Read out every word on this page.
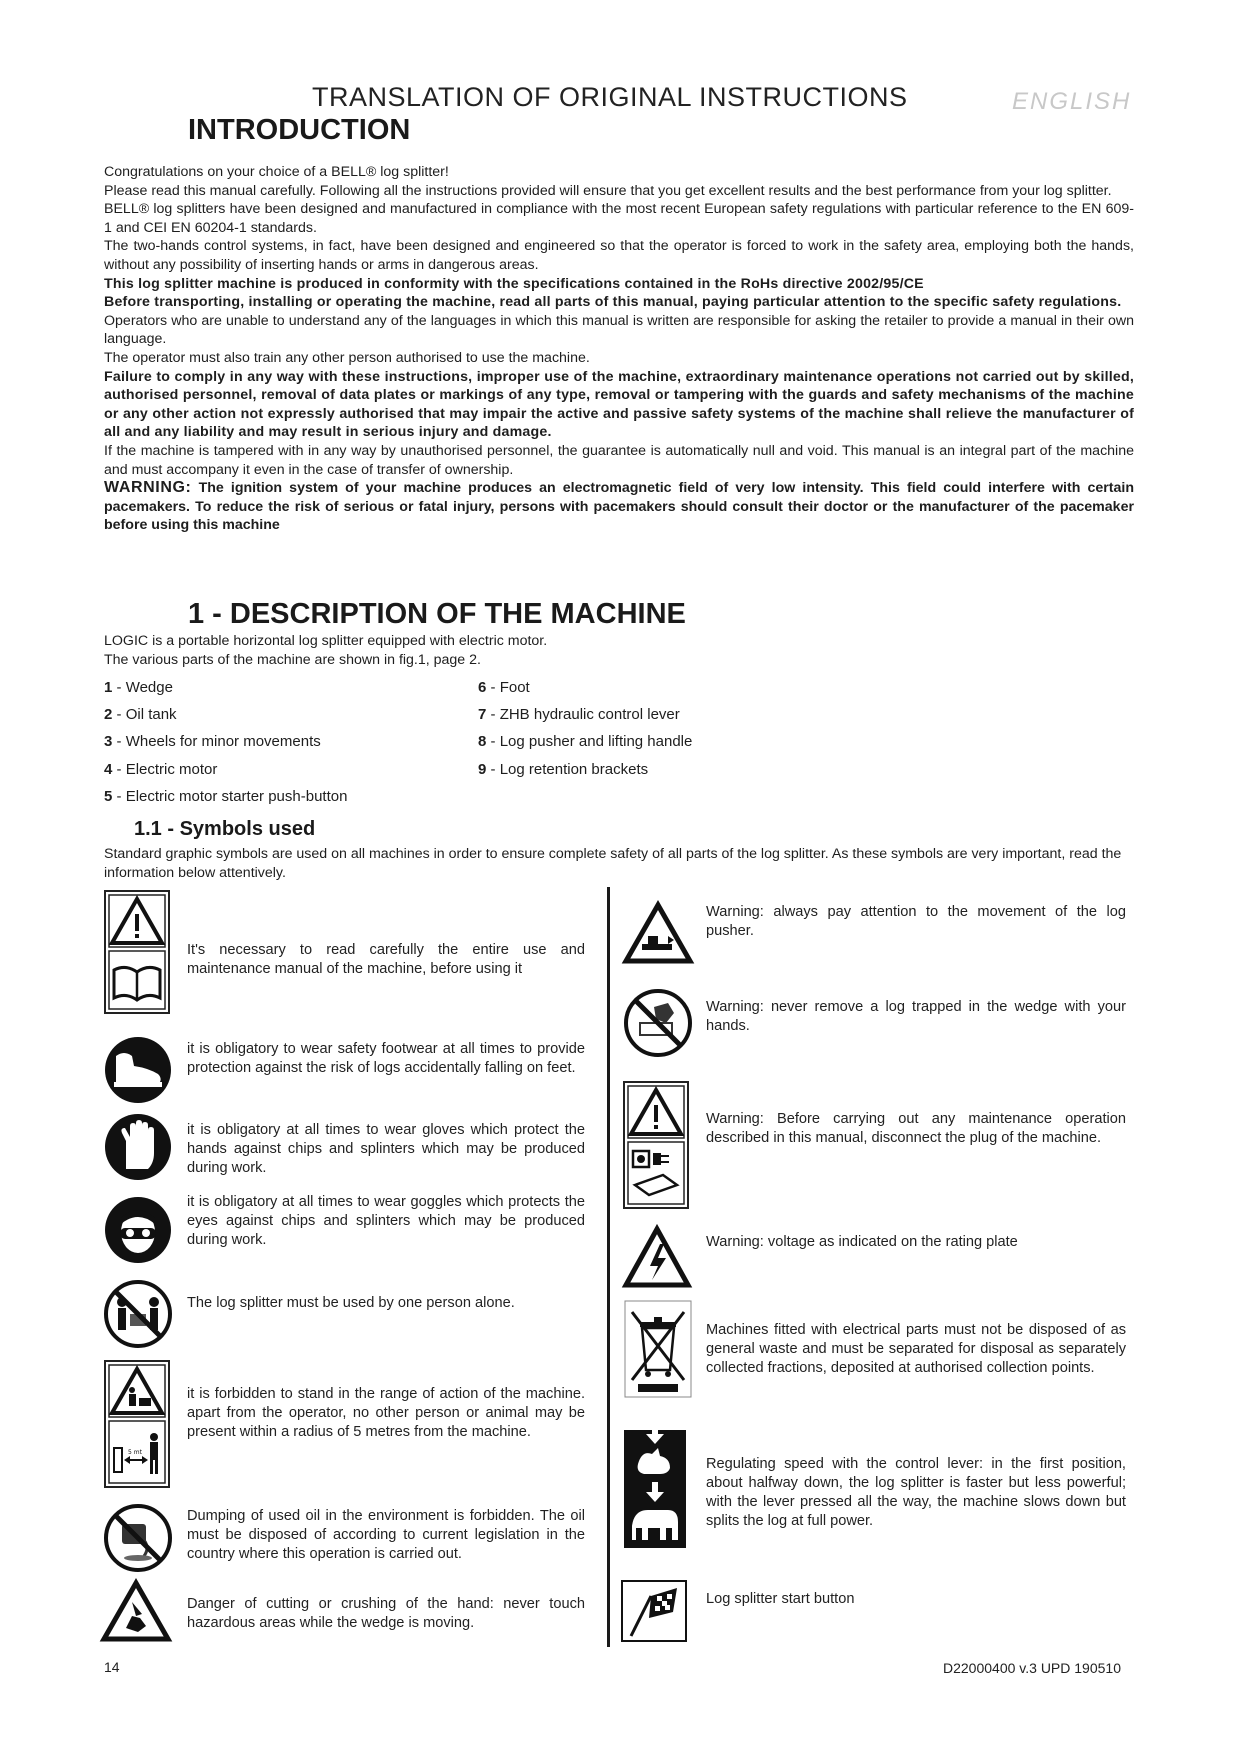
TRANSLATION OF ORIGINAL INSTRUCTIONS	ENGLISH
INTRODUCTION

Congratulations on your choice of a BELL® log splitter!

Please read this manual carefully. Following all the instructions provided will ensure that you get excellent results and the best performance from your log splitter.

BELL® log splitters have been designed and manufactured in compliance with the most recent European safety regulations with particular reference to the EN 609-1 and CEI EN 60204-1 standards.

The two-hands control systems, in fact, have been designed and engineered so that the operator is forced to work in the safety area, employing both the hands, without any possibility of inserting hands or arms in dangerous areas.

This log splitter machine is produced in conformity with the specifications contained in the RoHs directive 2002/95/CE

Before transporting, installing or operating the machine, read all parts of this manual, paying particular attention to the specific safety regulations.

Operators who are unable to understand any of the languages in which this manual is written are responsible for asking the retailer to provide a manual in their own language.

The operator must also train any other person authorised to use the machine.

Failure to comply in any way with these instructions, improper use of the machine, extraordinary maintenance operations not carried out by skilled, authorised personnel, removal of data plates or markings of any type, removal or tampering with the guards and safety mechanisms of the machine or any other action not expressly authorised that may impair the active and passive safety systems of the machine shall relieve the manufacturer of all and any liability and may result in serious injury and damage.

If the machine is tampered with in any way by unauthorised personnel, the guarantee is automatically null and void. This manual is an integral part of the machine and must accompany it even in the case of transfer of ownership.

WARNING: The ignition system of your machine produces an electromagnetic field of very low intensity. This field could interfere with certain pacemakers. To reduce the risk of serious or fatal injury, persons with pacemakers should consult their doctor or the manufacturer of the pacemaker before using this machine

1 - DESCRIPTION OF THE MACHINE

LOGIC is a portable horizontal log splitter equipped with electric motor.

The various parts of the machine are shown in fig.1, page 2.

1 - Wedge
2 - Oil tank
3 - Wheels for minor movements
4 - Electric motor
5 - Electric motor starter push-button
6 - Foot
7 - ZHB hydraulic control lever
8 - Log pusher and lifting handle
9 - Log retention brackets
1.1 - Symbols used

Standard graphic symbols are used on all machines in order to ensure complete safety of all parts of the log splitter. As these symbols are very important, read the information below attentively.

5 mt
It's necessary to read carefully the entire use and maintenance manual of the machine, before using it
it is obligatory to wear safety footwear at all times to provide protection against the risk of logs accidentally falling on feet.
it is obligatory at all times to wear gloves which protect the hands against chips and splinters which may be produced during work.
it is obligatory at all times to wear goggles which protects the eyes against chips and splinters which may be produced during work.
The log splitter must be used by one person alone.
it is forbidden to stand in the range of action of the machine. apart from the operator, no other person or animal may be present within a radius of 5 metres from the machine.
Dumping of used oil in the environment is forbidden. The oil must be disposed of according to current legislation in the country where this operation is carried out.
Danger of cutting or crushing of the hand: never touch hazardous areas while the wedge is moving.
Warning: always pay attention to the movement of the log pusher.
Warning: never remove a log trapped in the wedge with your hands.
Warning: Before carrying out any maintenance operation described in this manual, disconnect the plug of the machine.
Warning: voltage as indicated on the rating plate
Machines fitted with electrical parts must not be disposed of as general waste and must be separated for disposal as separately collected fractions, deposited at authorised collection points.
Regulating speed with the control lever: in the first position, about halfway down, the log splitter is faster but less powerful; with the lever pressed all the way, the machine slows down but splits the log at full power.
Log splitter start button
14	D22000400 v.3 UPD 190510
